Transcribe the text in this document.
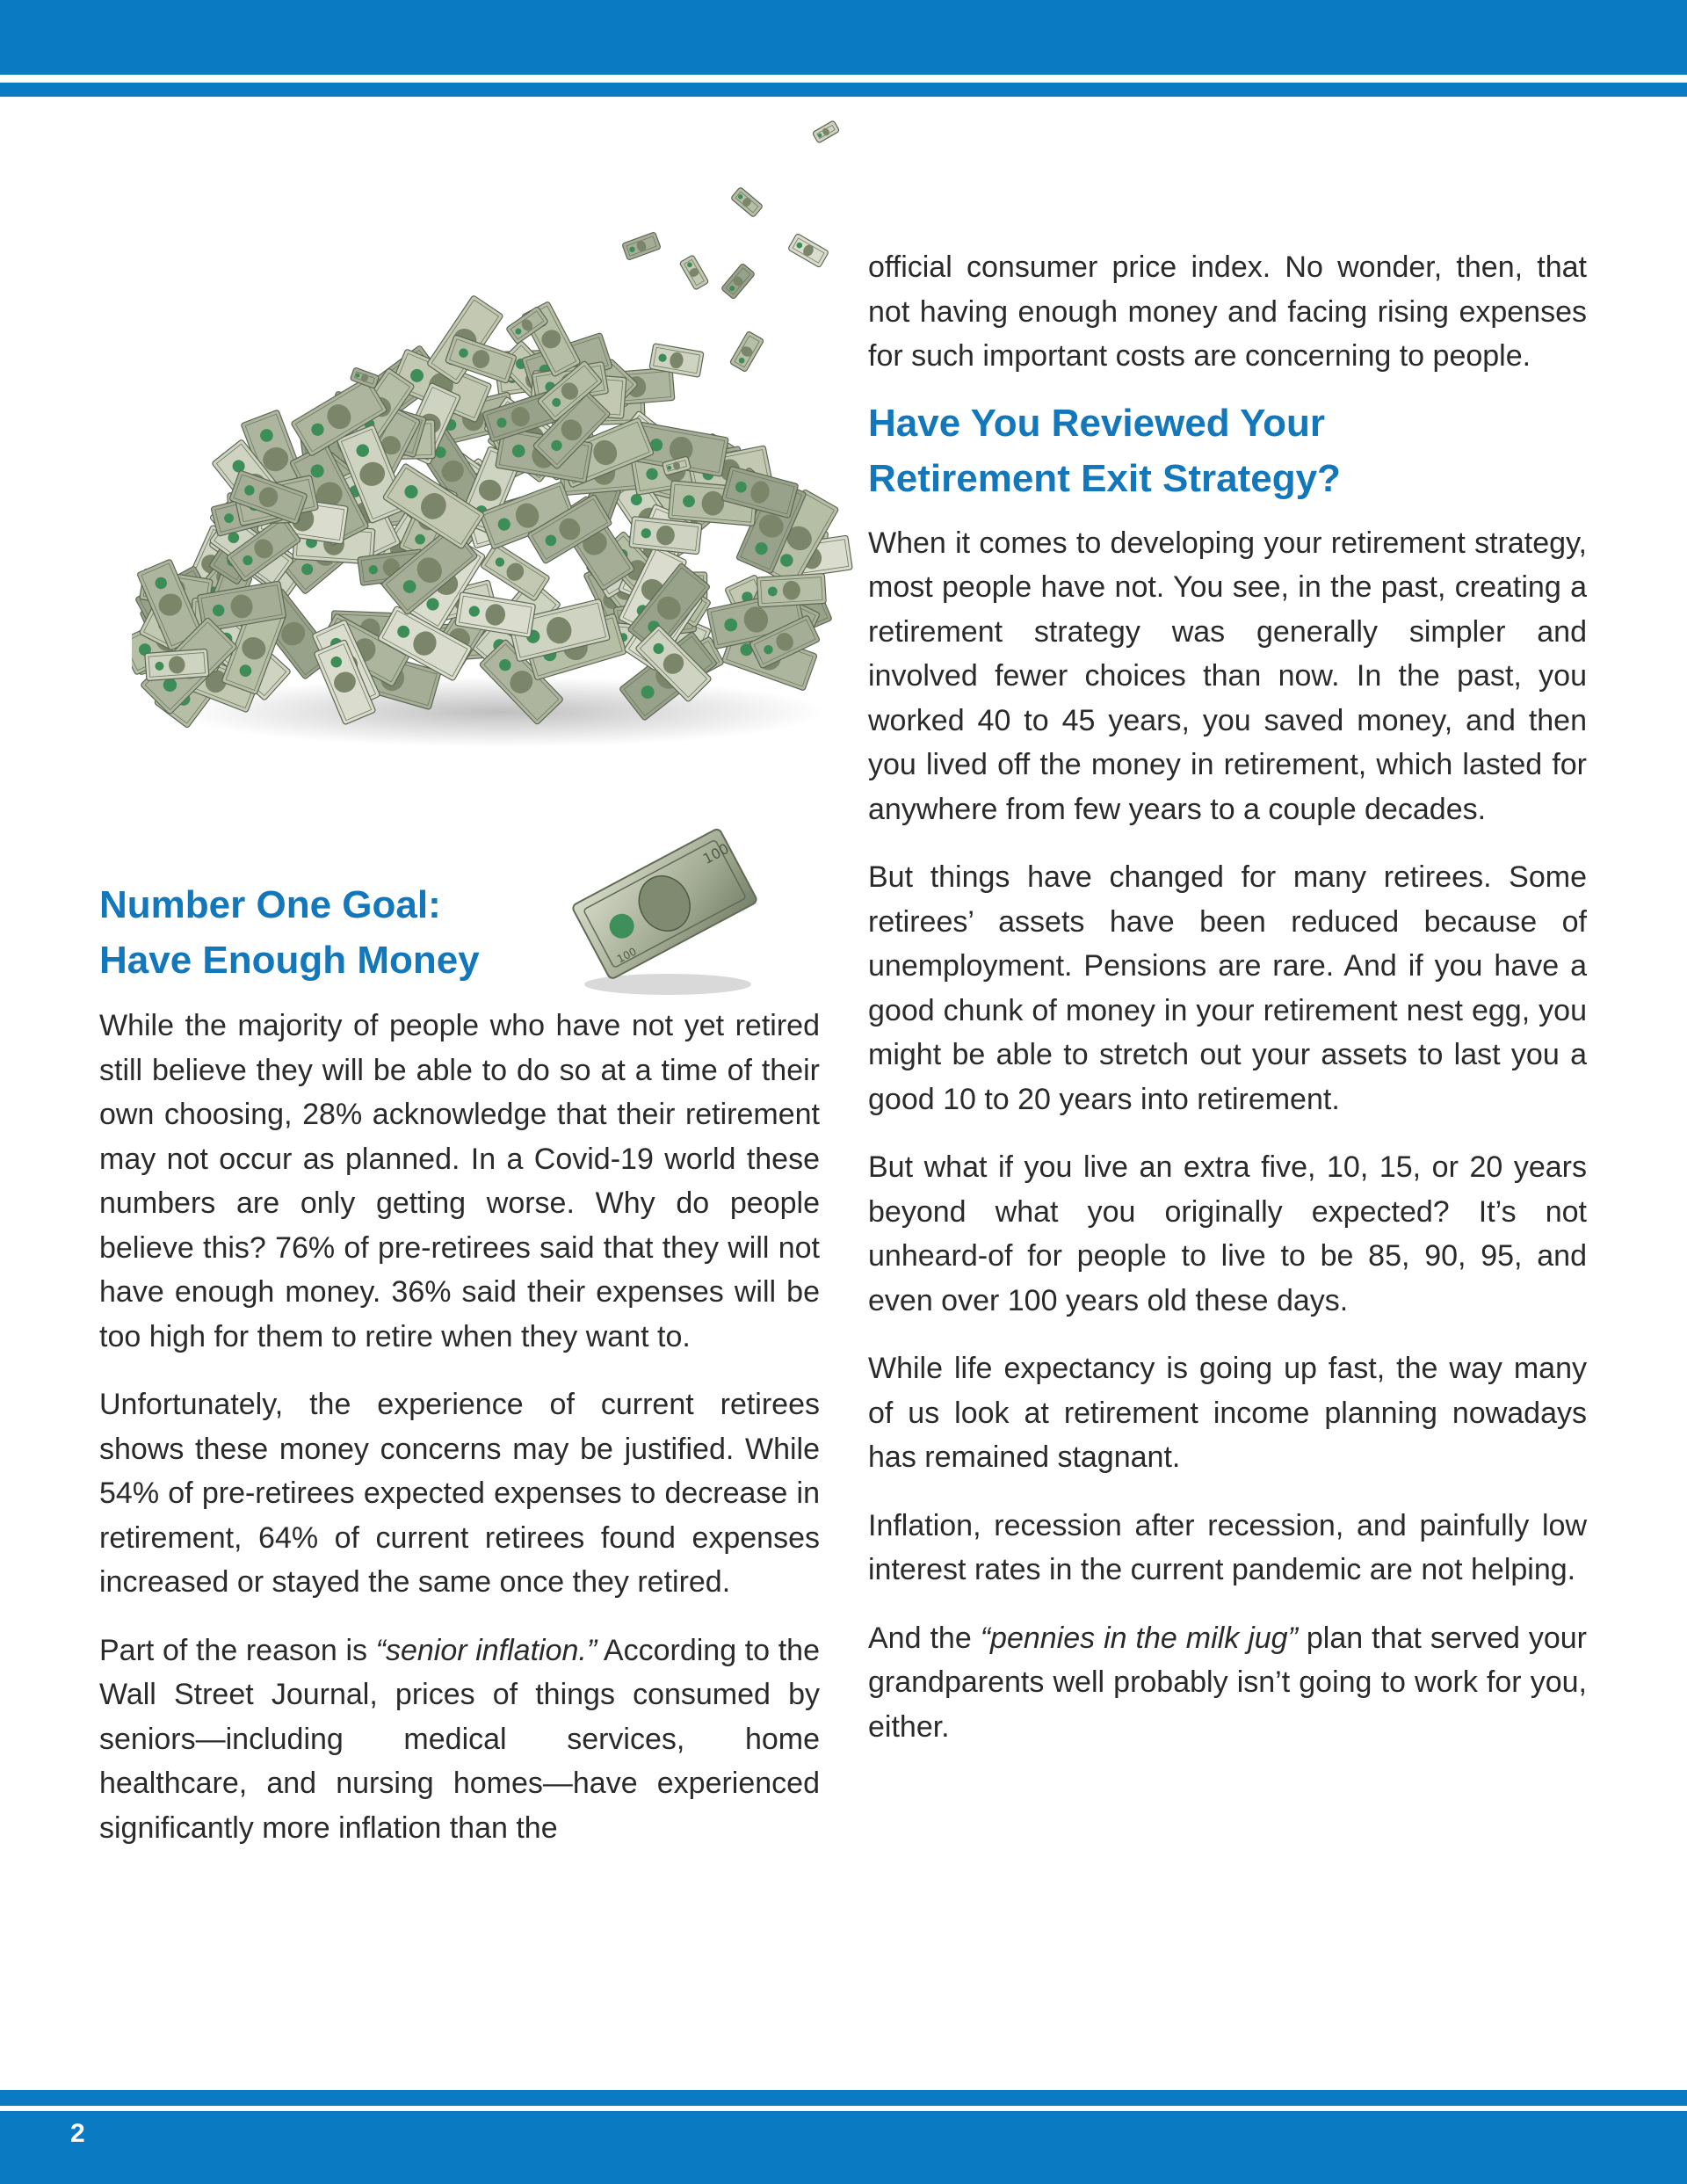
100
100
Number One Goal:
Have Enough Money

While the majority of people who have not yet retired still believe they will be able to do so at a time of their own choosing, 28% acknowledge that their retirement may not occur as planned. In a Covid-19 world these numbers are only getting worse. Why do people believe this? 76% of pre-retirees said that they will not have enough money. 36% said their expenses will be too high for them to retire when they want to.

Unfortunately, the experience of current retirees shows these money concerns may be justified. While 54% of pre-retirees expected expenses to decrease in retirement, 64% of current retirees found expenses increased or stayed the same once they retired.

Part of the reason is “senior inflation.” According to the Wall Street Journal, prices of things consumed by seniors—including medical services, home healthcare, and nursing homes—have experienced significantly more inflation than the

official consumer price index. No wonder, then, that not having enough money and facing rising expenses for such important costs are concerning to people.

Have You Reviewed Your
Retirement Exit Strategy?

When it comes to developing your retirement strategy, most people have not. You see, in the past, creating a retirement strategy was generally simpler and involved fewer choices than now. In the past, you worked 40 to 45 years, you saved money, and then you lived off the money in retirement, which lasted for anywhere from few years to a couple decades.

But things have changed for many retirees. Some retirees’ assets have been reduced because of unemployment. Pensions are rare. And if you have a good chunk of money in your retirement nest egg, you might be able to stretch out your assets to last you a good 10 to 20 years into retirement.

But what if you live an extra five, 10, 15, or 20 years beyond what you originally expected? It’s not unheard-of for people to live to be 85, 90, 95, and even over 100 years old these days.

While life expectancy is going up fast, the way many of us look at retirement income planning nowadays has remained stagnant.

Inflation, recession after recession, and painfully low interest rates in the current pandemic are not helping.

And the “pennies in the milk jug” plan that served your grandparents well probably isn’t going to work for you, either.

2
